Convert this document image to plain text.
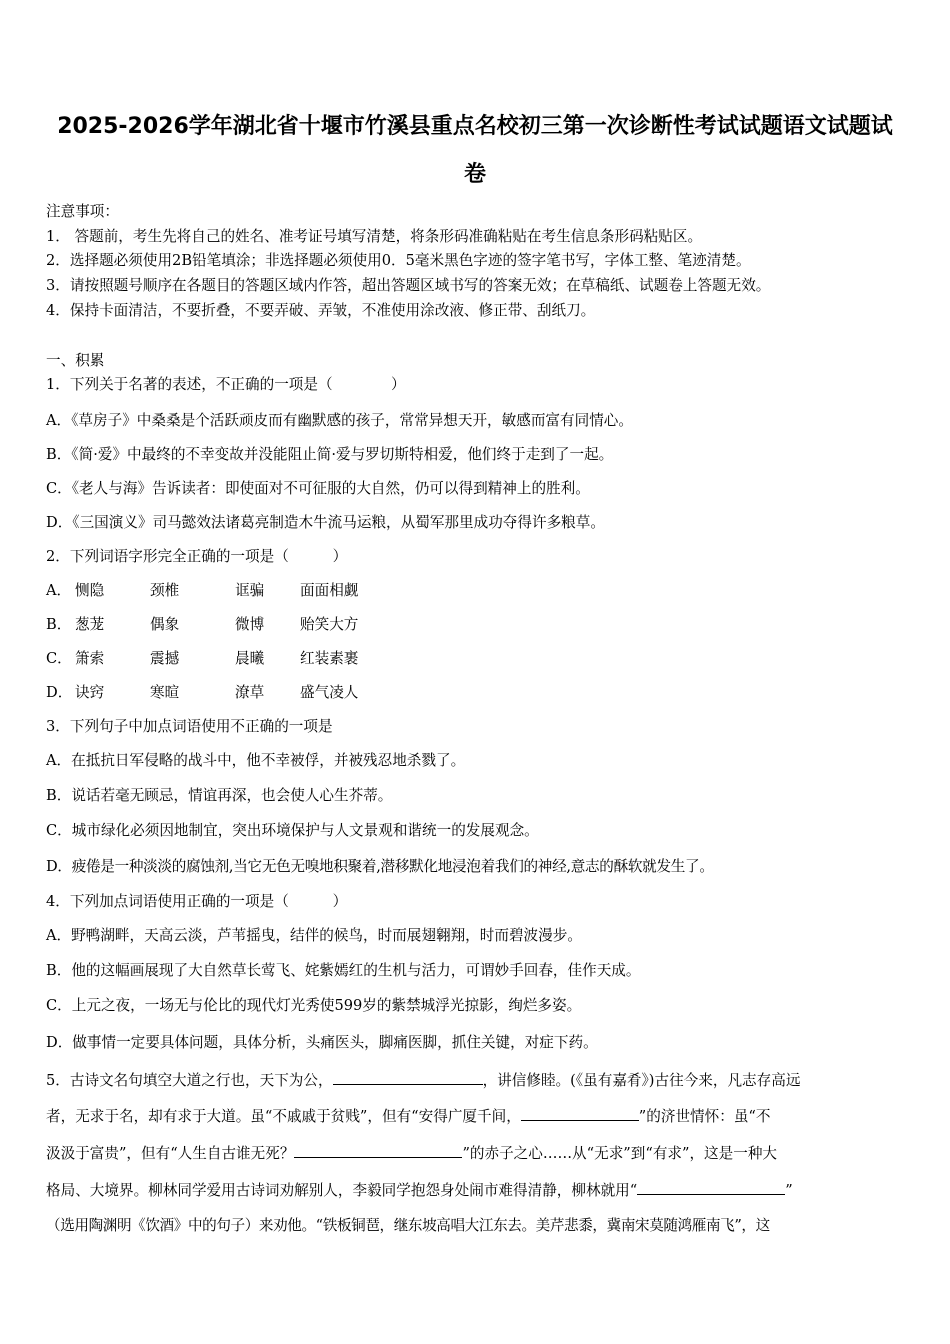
2025-2026学年湖北省十堰市竹溪县重点名校初三第一次诊断性考试试题语文试题试
卷
注意事项：
1． 答题前，考生先将自己的姓名、准考证号填写清楚，将条形码准确粘贴在考生信息条形码粘贴区。
2．选择题必须使用2B铅笔填涂；非选择题必须使用0．5毫米黑色字迹的签字笔书写，字体工整、笔迹清楚。
3．请按照题号顺序在各题目的答题区域内作答，超出答题区域书写的答案无效；在草稿纸、试题卷上答题无效。
4．保持卡面清洁，不要折叠，不要弄破、弄皱，不准使用涂改液、修正带、刮纸刀。
一、积累
1．下列关于名著的表述，不正确的一项是（　　　　）
A．《草房子》中桑桑是个活跃顽皮而有幽默感的孩子，常常异想天开，敏感而富有同情心。
B．《简·爱》中最终的不幸变故并没能阻止简·爱与罗切斯特相爱，他们终于走到了一起。
C．《老人与海》告诉读者：即使面对不可征服的大自然，仍可以得到精神上的胜利。
D．《三国演义》司马懿效法诸葛亮制造木牛流马运粮，从蜀军那里成功夺得许多粮草。
2．下列词语字形完全正确的一项是（　　　）
A． 恻隐	颈椎	诓骗 面面相觑
B． 葱茏	偶象	微博 贻笑大方
C． 箫索	震撼	晨曦 红装素裹
D． 诀窍	寒暄	潦草 盛气凌人
3．下列句子中加点词语使用不正确的一项是
A．在抵抗日军侵略的战斗中，他不幸被俘，并被残忍地杀戮了。
B．说话若毫无顾忌，情谊再深，也会使人心生芥蒂。
C．城市绿化必须因地制宜，突出环境保护与人文景观和谐统一的发展观念。
D．疲倦是一种淡淡的腐蚀剂,当它无色无嗅地积聚着,潜移默化地浸泡着我们的神经,意志的酥软就发生了。
4．下列加点词语使用正确的一项是（　　　）
A．野鸭湖畔，天高云淡，芦苇摇曳，结伴的候鸟，时而展翅翱翔，时而碧波漫步。
B．他的这幅画展现了大自然草长莺飞、姹紫嫣红的生机与活力，可谓妙手回春，佳作天成。
C．上元之夜，一场无与伦比的现代灯光秀使599岁的紫禁城浮光掠影，绚烂多姿。
D．做事情一定要具体问题，具体分析，头痛医头，脚痛医脚，抓住关键，对症下药。
5．古诗文名句填空大道之行也，天下为公，	，讲信修睦。(《虽有嘉肴》)古往今来，凡志存高远
者，无求于名，却有求于大道。虽“不戚戚于贫贱”，但有“安得广厦千间，	”的济世情怀：虽“不
汲汲于富贵”，但有“人生自古谁无死？	”的赤子之心……从“无求”到“有求”，这是一种大
格局、大境界。柳林同学爱用古诗词劝解别人，李毅同学抱怨身处闹市难得清静，柳林就用“	”
（选用陶渊明《饮酒》中的句子）来劝他。“铁板铜琶，继东坡高唱大江东去。美芹悲黍，冀南宋莫随鸿雁南飞”，这
